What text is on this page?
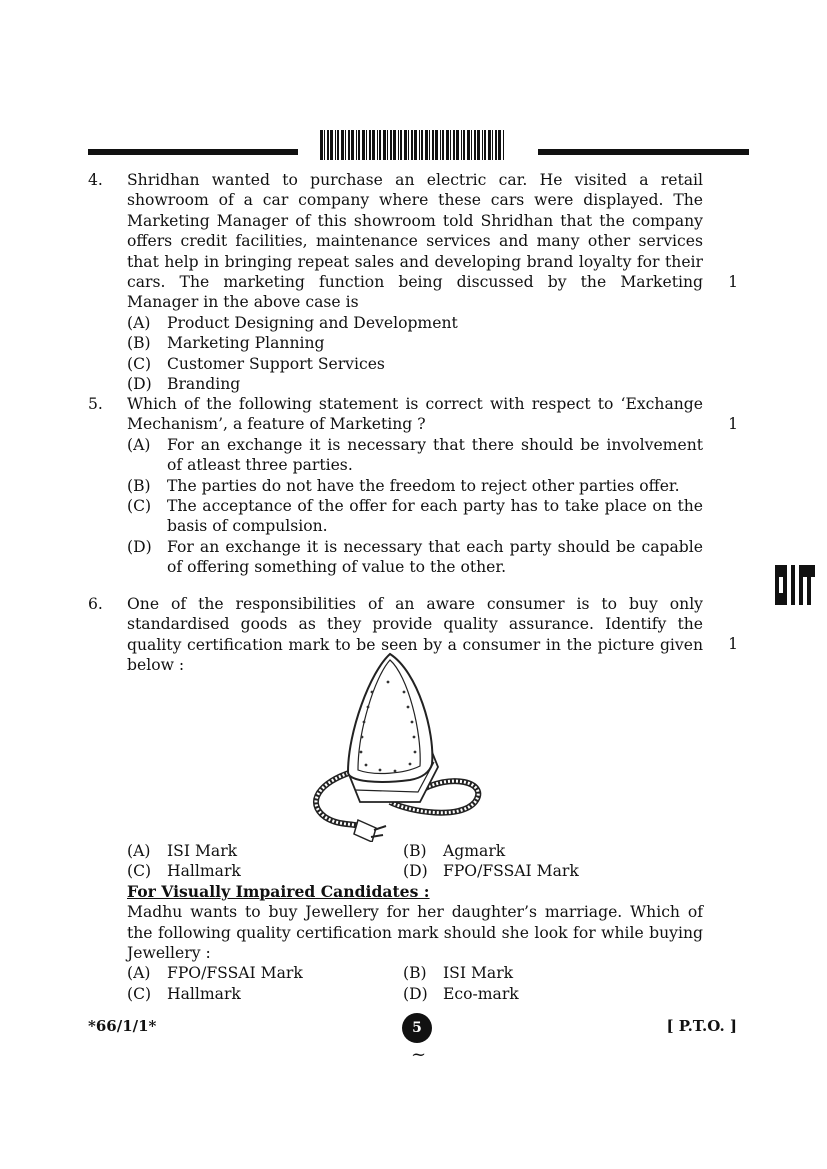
4.
1
Shridhan wanted to purchase an electric car. He visited a retail showroom of a car company where these cars were displayed. The Marketing Manager of this showroom told Shridhan that the company offers credit facilities, maintenance services and many other services that help in bringing repeat sales and developing brand loyalty for their cars. The marketing function being discussed by the Marketing Manager in the above case is
(A)	Product Designing and Development
(B)	Marketing Planning
(C)	Customer Support Services
(D) Branding
5.
1
Which of the following statement is correct with respect to ‘Exchange Mechanism’, a feature of Marketing ?
(A)	For an exchange it is necessary that there should be involvement of atleast three parties.
(B)	The parties do not have the freedom to reject other parties offer.
(C)	The acceptance of the offer for each party has to take place on the basis of compulsion.
(D) For an exchange it is necessary that each party should be capable of offering something of value to the other.
6.
1
One of the responsibilities of an aware consumer is to buy only standardised goods as they provide quality assurance. Identify the quality certification mark to be seen by a consumer in the picture given below :
(A)	ISI Mark	(B)	Agmark
(C)	Hallmark	(D) FPO/FSSAI Mark
For Visually Impaired Candidates :
Madhu wants to buy Jewellery for her daughter’s marriage. Which of the following quality certification mark should she look for while buying Jewellery :
(A)	FPO/FSSAI Mark	(B)	ISI Mark
(C)	Hallmark	(D) Eco-mark
*66/1/1*	5	[ P.T.O. ]
~
